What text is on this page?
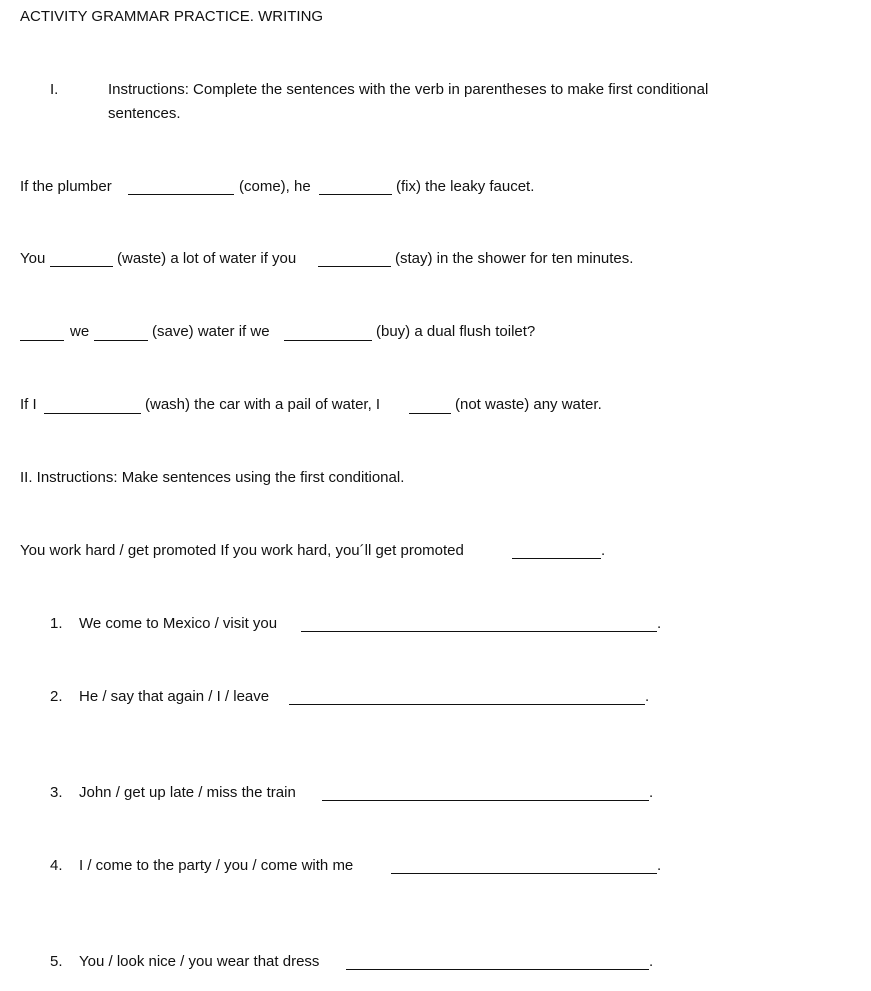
ACTIVITY GRAMMAR PRACTICE. WRITING
I.	Instructions: Complete the sentences with the verb in parentheses to make first conditional
sentences.
If the plumber	(come), he	(fix) the leaky faucet.
You	(waste) a lot of water if you	(stay) in the shower for ten minutes.
we	(save) water if we	(buy) a dual flush toilet?
If I	(wash) the car with a pail of water, I	(not waste) any water.
II. Instructions: Make sentences using the first conditional.
You work hard / get promoted If you work hard, you´ll get promoted	.
1. We come to Mexico / visit you	.
2. He / say that again / I / leave	.
3. John / get up late / miss the train	.
4. I / come to the party / you / come with me	.
5. You / look nice / you wear that dress	.
